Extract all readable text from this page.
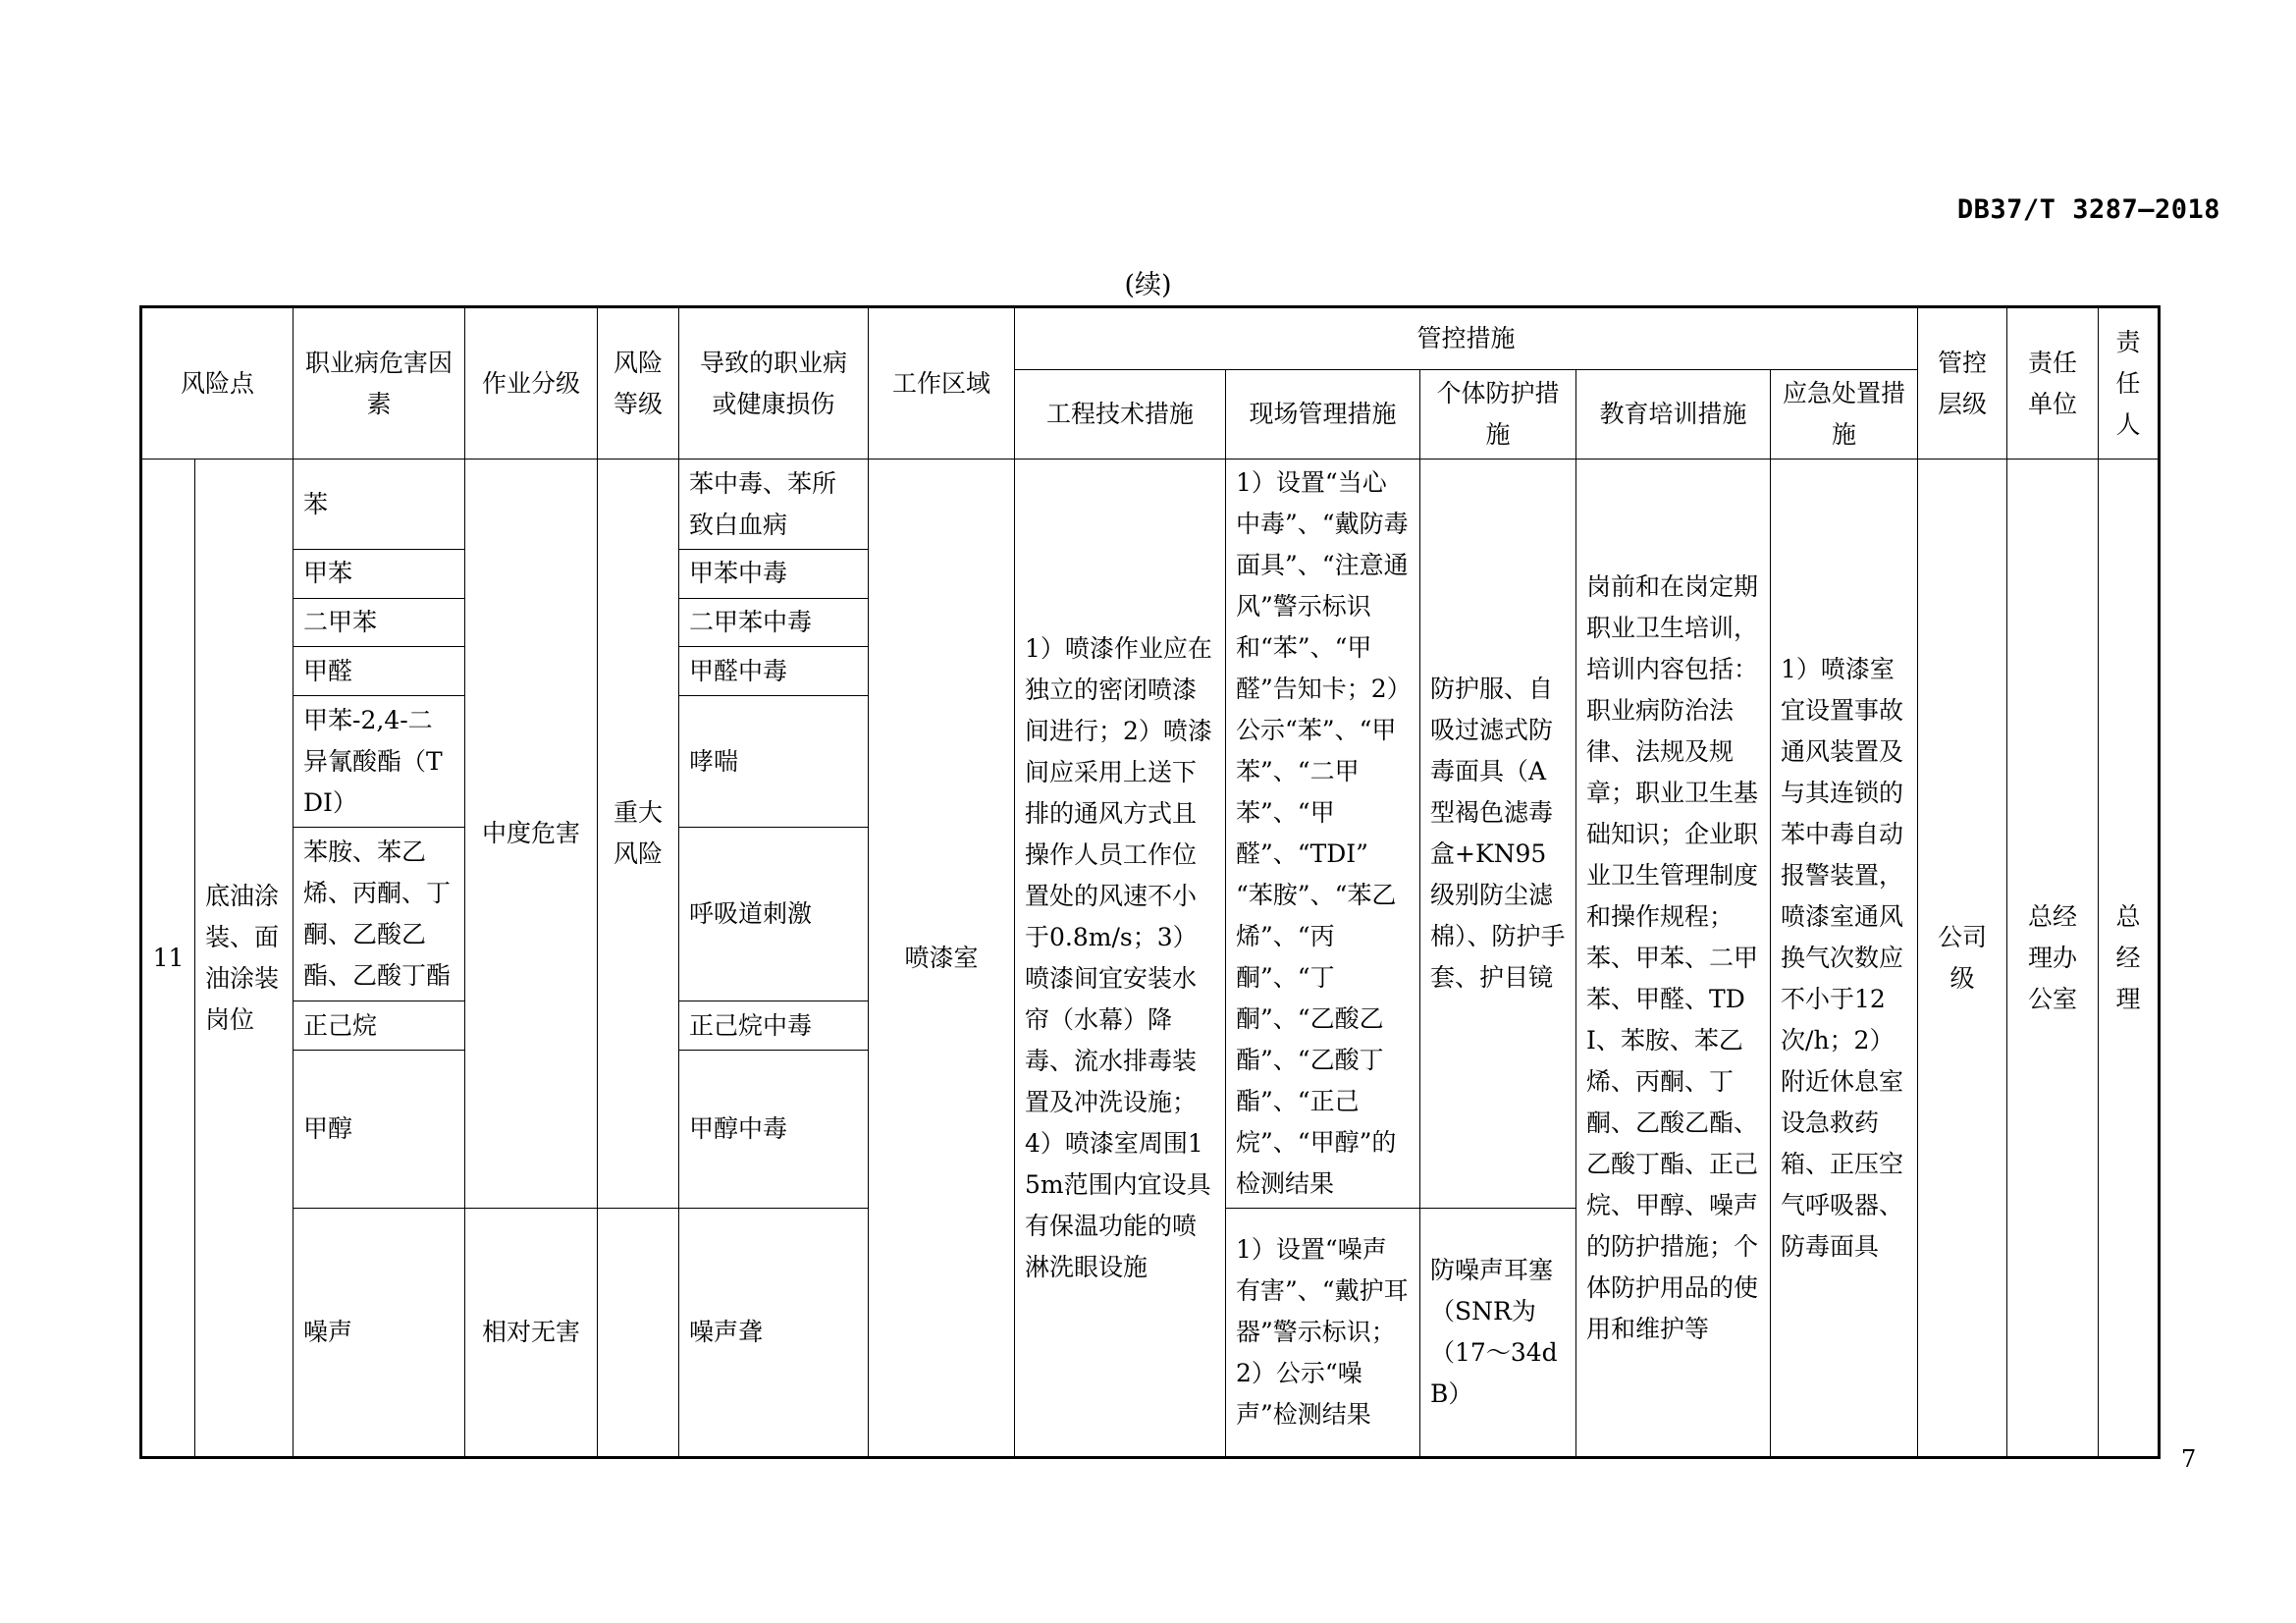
DB37/T 3287—2018
(续)
风险点		职业病危害因素	作业分级	风险等级	导致的职业病或健康损伤	工作区域	管控措施					管控层级	责任单位	责任人
							工程技术措施	现场管理措施	个体防护措施	教育培训措施	应急处置措施			
11	底油涂装、面油涂装岗位	苯	中度危害	重大风险	苯中毒、苯所致白血病	喷漆室	1）喷漆作业应在独立的密闭喷漆间进行；2）喷漆间应采用上送下排的通风方式且操作人员工作位置处的风速不小于0.8m/s；3）喷漆间宜安装水帘（水幕）降毒、流水排毒装置及冲洗设施；4）喷漆室周围15m范围内宜设具有保温功能的喷淋洗眼设施	1）设置“当心中毒”、“戴防毒面具”、“注意通风”警示标识和“苯”、“甲醛”告知卡；2）公示“苯”、“甲苯”、“二甲苯”、“甲醛”、“TDI” “苯胺”、“苯乙烯”、“丙酮”、“丁酮”、“乙酸乙酯”、“乙酸丁酯”、“正己烷”、“甲醇”的检测结果	防护服、自吸过滤式防毒面具（A型褐色滤毒盒+KN95级别防尘滤棉）、防护手套、护目镜	岗前和在岗定期职业卫生培训，培训内容包括：职业病防治法律、法规及规章；职业卫生基础知识；企业职业卫生管理制度和操作规程；苯、甲苯、二甲苯、甲醛、TDI、苯胺、苯乙烯、丙酮、丁酮、乙酸乙酯、乙酸丁酯、正己烷、甲醇、噪声的防护措施；个体防护用品的使用和维护等	1）喷漆室宜设置事故通风装置及与其连锁的苯中毒自动报警装置，喷漆室通风换气次数应不小于12次/h；2）附近休息室设急救药箱、正压空气呼吸器、防毒面具	公司级	总经理办公室	总经理
		甲苯			甲苯中毒									
		二甲苯			二甲苯中毒									
		甲醛			甲醛中毒									
		甲苯-2,4-二异氰酸酯（TDI）			哮喘									
		苯胺、苯乙烯、丙酮、丁酮、乙酸乙酯、乙酸丁酯			呼吸道刺激									
		正己烷			正己烷中毒									
		甲醇			甲醇中毒									
		噪声	相对无害		噪声聋			1）设置“噪声有害”、“戴护耳器”警示标识；2）公示“噪声”检测结果	防噪声耳塞（SNR为（17～34dB）					
7
